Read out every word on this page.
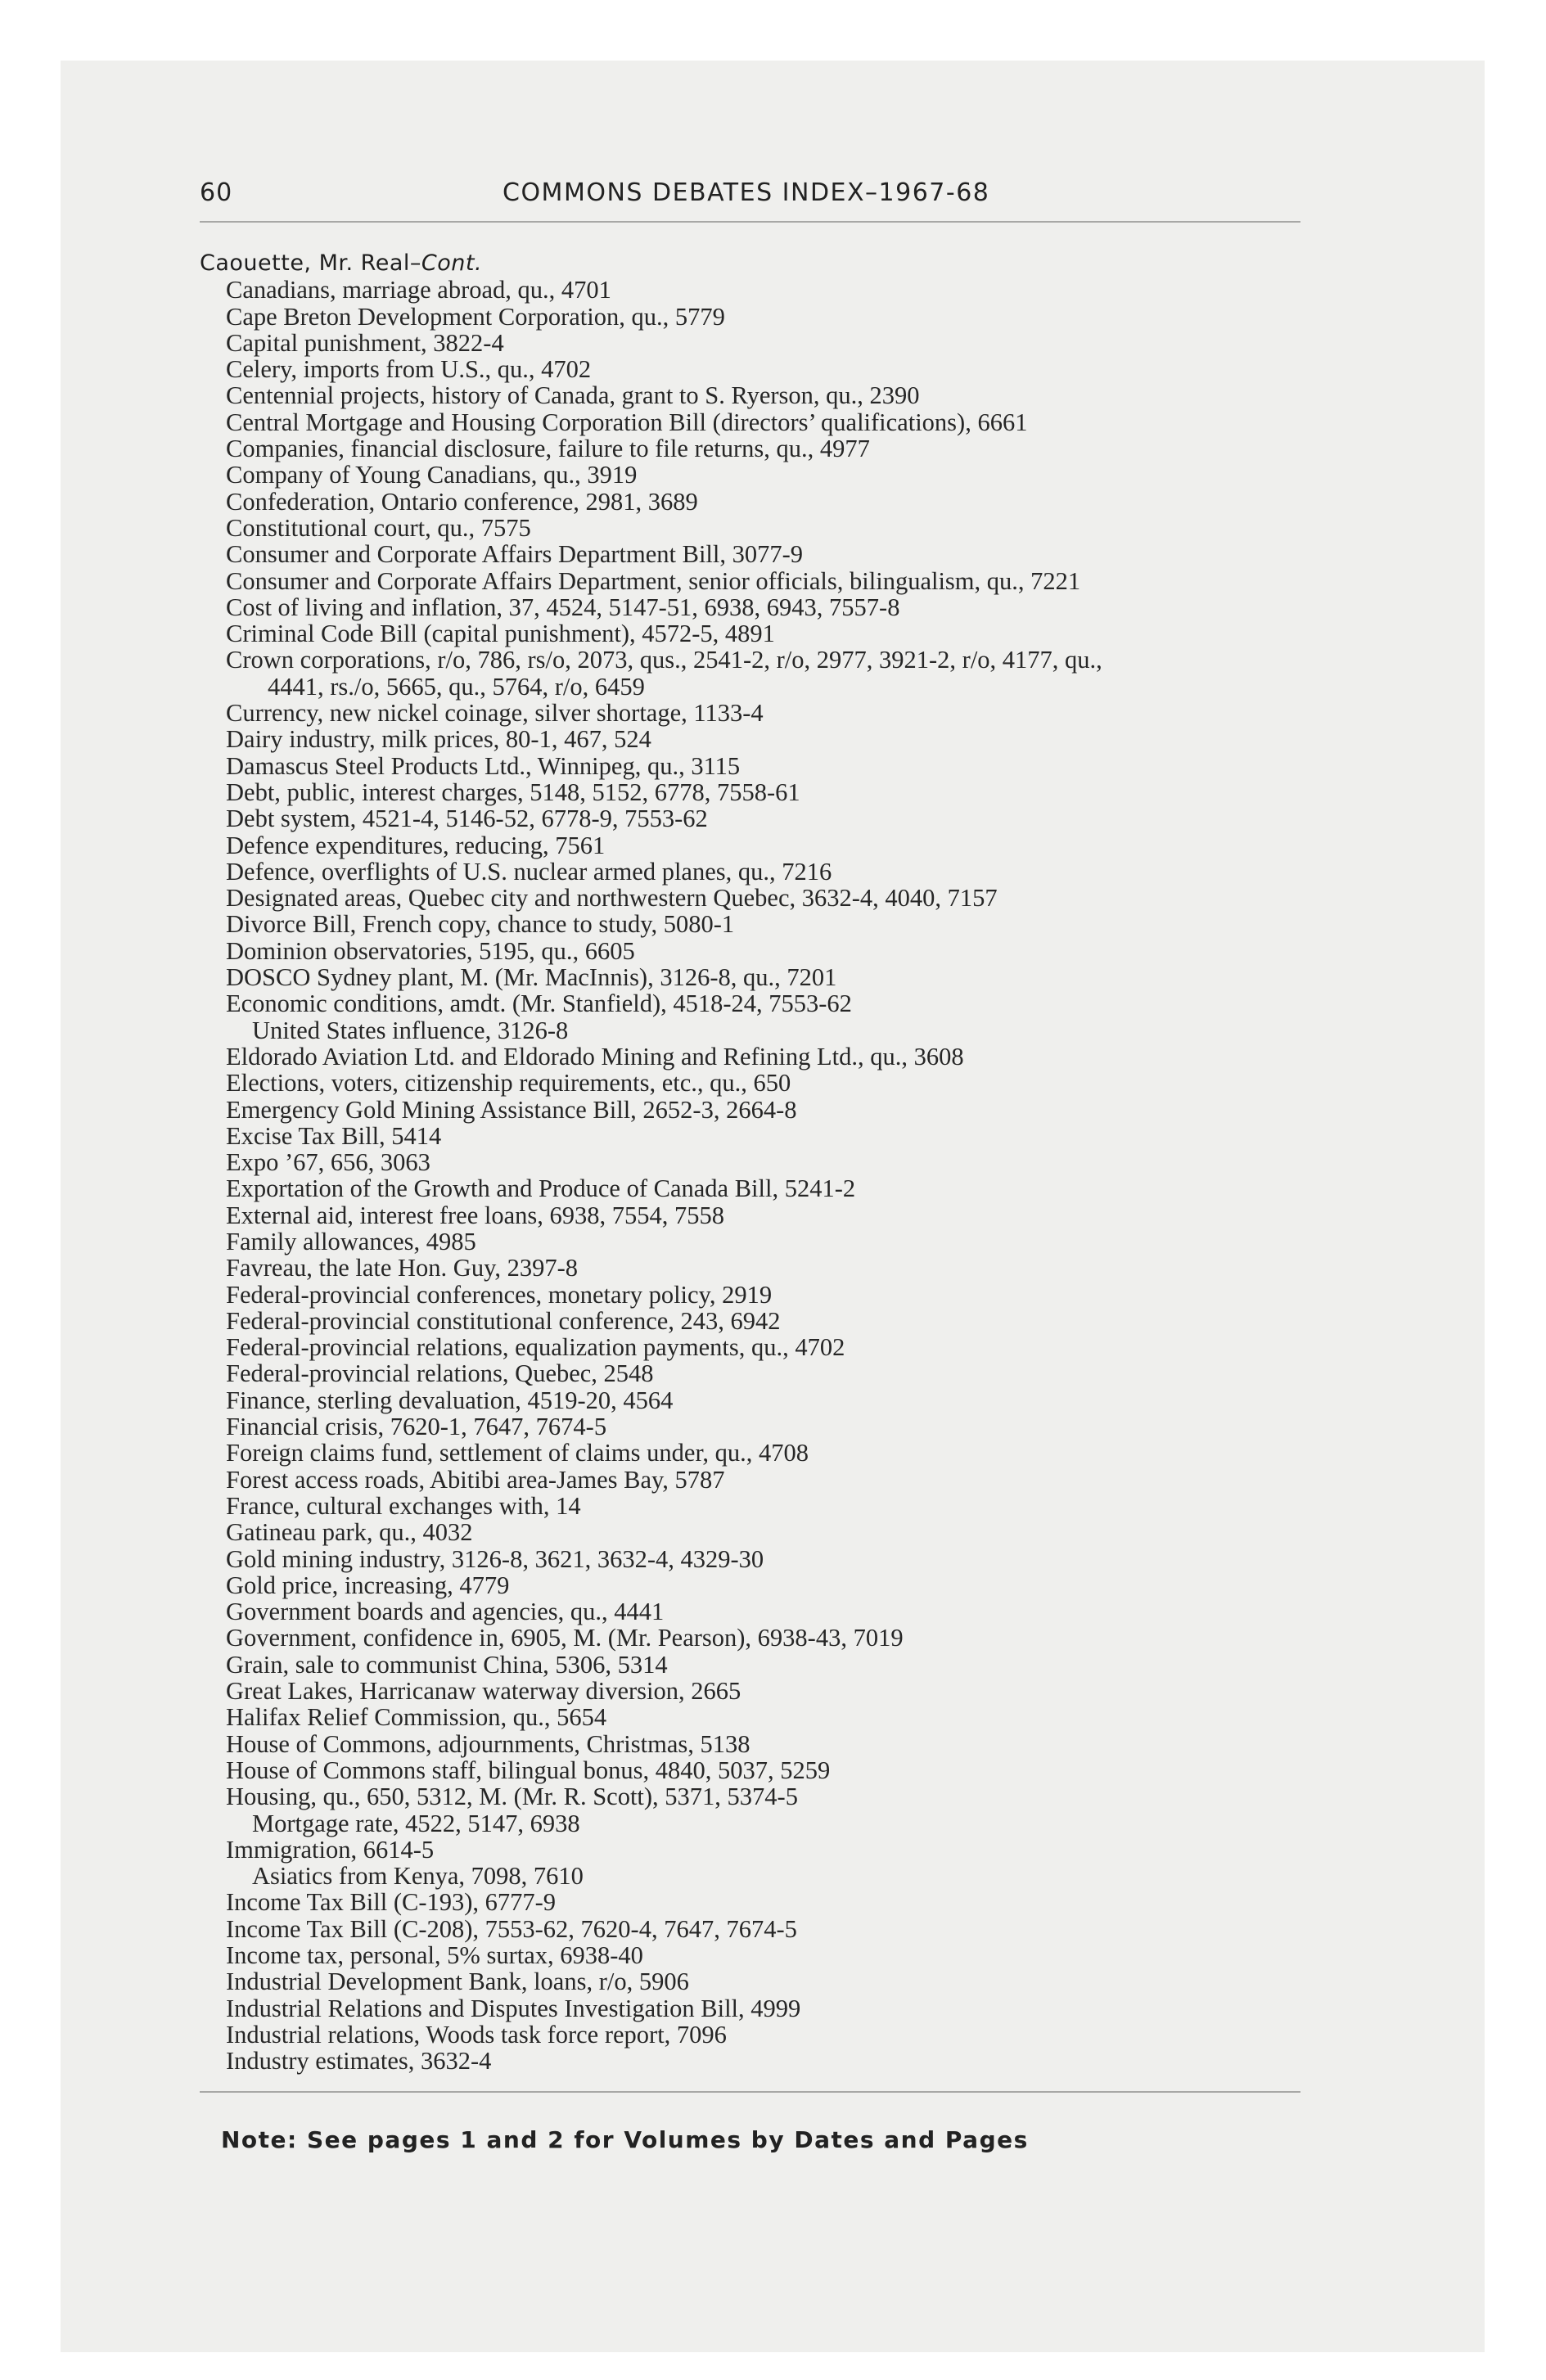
60	COMMONS DEBATES INDEX–1967-68
Caouette, Mr. Real–Cont.
Canadians, marriage abroad, qu., 4701
Cape Breton Development Corporation, qu., 5779
Capital punishment, 3822-4
Celery, imports from U.S., qu., 4702
Centennial projects, history of Canada, grant to S. Ryerson, qu., 2390
Central Mortgage and Housing Corporation Bill (directors’ qualifications), 6661
Companies, financial disclosure, failure to file returns, qu., 4977
Company of Young Canadians, qu., 3919
Confederation, Ontario conference, 2981, 3689
Constitutional court, qu., 7575
Consumer and Corporate Affairs Department Bill, 3077-9
Consumer and Corporate Affairs Department, senior officials, bilingualism, qu., 7221
Cost of living and inflation, 37, 4524, 5147-51, 6938, 6943, 7557-8
Criminal Code Bill (capital punishment), 4572-5, 4891
Crown corporations, r/o, 786, rs/o, 2073, qus., 2541-2, r/o, 2977, 3921-2, r/o, 4177, qu.,
4441, rs./o, 5665, qu., 5764, r/o, 6459
Currency, new nickel coinage, silver shortage, 1133-4
Dairy industry, milk prices, 80-1, 467, 524
Damascus Steel Products Ltd., Winnipeg, qu., 3115
Debt, public, interest charges, 5148, 5152, 6778, 7558-61
Debt system, 4521-4, 5146-52, 6778-9, 7553-62
Defence expenditures, reducing, 7561
Defence, overflights of U.S. nuclear armed planes, qu., 7216
Designated areas, Quebec city and northwestern Quebec, 3632-4, 4040, 7157
Divorce Bill, French copy, chance to study, 5080-1
Dominion observatories, 5195, qu., 6605
DOSCO Sydney plant, M. (Mr. MacInnis), 3126-8, qu., 7201
Economic conditions, amdt. (Mr. Stanfield), 4518-24, 7553-62
United States influence, 3126-8
Eldorado Aviation Ltd. and Eldorado Mining and Refining Ltd., qu., 3608
Elections, voters, citizenship requirements, etc., qu., 650
Emergency Gold Mining Assistance Bill, 2652-3, 2664-8
Excise Tax Bill, 5414
Expo ’67, 656, 3063
Exportation of the Growth and Produce of Canada Bill, 5241-2
External aid, interest free loans, 6938, 7554, 7558
Family allowances, 4985
Favreau, the late Hon. Guy, 2397-8
Federal-provincial conferences, monetary policy, 2919
Federal-provincial constitutional conference, 243, 6942
Federal-provincial relations, equalization payments, qu., 4702
Federal-provincial relations, Quebec, 2548
Finance, sterling devaluation, 4519-20, 4564
Financial crisis, 7620-1, 7647, 7674-5
Foreign claims fund, settlement of claims under, qu., 4708
Forest access roads, Abitibi area-James Bay, 5787
France, cultural exchanges with, 14
Gatineau park, qu., 4032
Gold mining industry, 3126-8, 3621, 3632-4, 4329-30
Gold price, increasing, 4779
Government boards and agencies, qu., 4441
Government, confidence in, 6905, M. (Mr. Pearson), 6938-43, 7019
Grain, sale to communist China, 5306, 5314
Great Lakes, Harricanaw waterway diversion, 2665
Halifax Relief Commission, qu., 5654
House of Commons, adjournments, Christmas, 5138
House of Commons staff, bilingual bonus, 4840, 5037, 5259
Housing, qu., 650, 5312, M. (Mr. R. Scott), 5371, 5374-5
Mortgage rate, 4522, 5147, 6938
Immigration, 6614-5
Asiatics from Kenya, 7098, 7610
Income Tax Bill (C-193), 6777-9
Income Tax Bill (C-208), 7553-62, 7620-4, 7647, 7674-5
Income tax, personal, 5% surtax, 6938-40
Industrial Development Bank, loans, r/o, 5906
Industrial Relations and Disputes Investigation Bill, 4999
Industrial relations, Woods task force report, 7096
Industry estimates, 3632-4
Note: See pages 1 and 2 for Volumes by Dates and Pages
